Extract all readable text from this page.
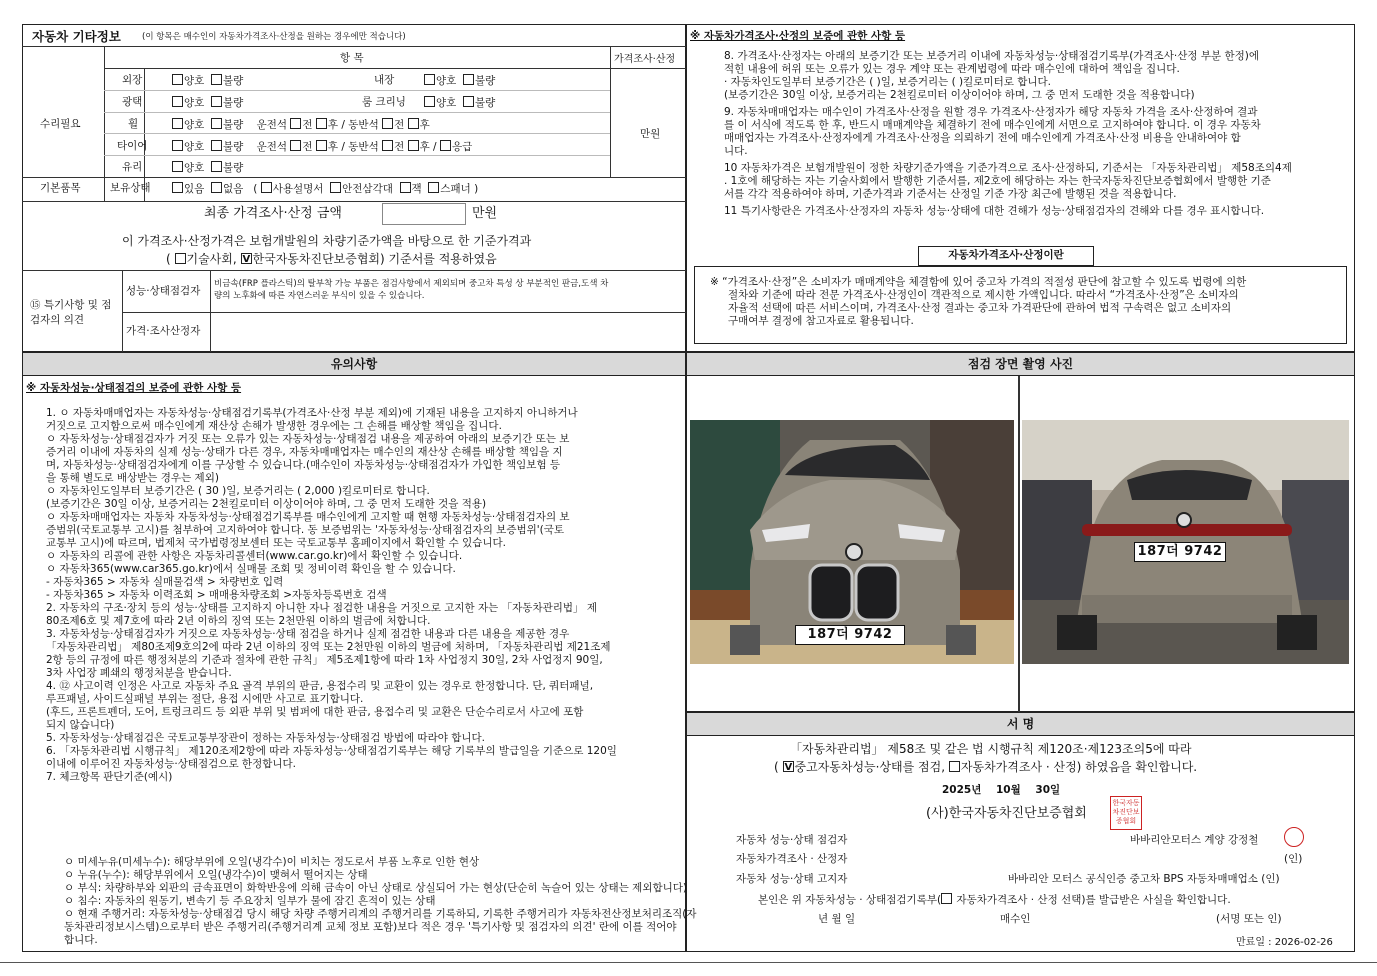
자동차 기타정보 (이 항목은 매수인이 자동차가격조사·산정을 원하는 경우에만 적습니다)
항 목	가격조사·산정
수리필요
만원
외장	양호 불량	내장	양호 불량
광택	양호 불량	룸 크리닝	양호 불량
휠	양호 불량 운전석 전 후 / 동반석 전 후
타이어	양호 불량 운전석 전 후 / 동반석 전 후 / 응급
유리	양호 불량
기본품목	보유상태	있음 없음   ( 사용설명서 안전삼각대 잭 스패너 )
최종 가격조사·산정 금액	만원
이 가격조사·산정가격은 보험개발원의 차량기준가액을 바탕으로 한 기준가격과
( 기술사회, V 한국자동차진단보증협회) 기준서를 적용하였음
⑮ 특기사항 및 점검자의 의견
성능·상태점검자
비금속(FRP 플라스틱)의 탈부착 가능 부품은 점검사항에서 제외되며 중고차 특성 상 부분적인 판금,도색 차
량의 노후화에 따른 자연스러운 부식이 있을 수 있습니다.
가격·조사산정자
※ 자동차가격조사·산정의 보증에 관한 사항 등
8. 가격조사·산정자는 아래의 보증기간 또는 보증거리 이내에 자동차성능·상태점검기록부(가격조사·산정 부분 한정)에
적힌 내용에 허위 또는 오류가 있는 경우 계약 또는 관계법령에 따라 매수인에 대하여 책임을 집니다.
· 자동차인도일부터 보증기간은 ( )일, 보증거리는 ( )킬로미터로 합니다.
(보증기간은 30일 이상, 보증거리는 2천킬로미터 이상이어야 하며, 그 중 먼저 도래한 것을 적용합니다)
9. 자동차매매업자는 매수인이 가격조사·산정을 원할 경우 가격조사·산정자가 해당 자동차 가격을 조사·산정하여 결과
를 이 서식에 적도록 한 후, 반드시 매매계약을 체결하기 전에 매수인에게 서면으로 고지하여야 합니다. 이 경우 자동차
매매업자는 가격조사·산정자에게 가격조사·산정을 의뢰하기 전에 매수인에게 가격조사·산정 비용을 안내하여야 합
니다.
10 자동차가격은 보험개발원이 정한 차량기준가액을 기준가격으로 조사·산정하되, 기준서는 「자동차관리법」 제58조의4제
. 1호에 해당하는 자는 기술사회에서 발행한 기준서를, 제2호에 해당하는 자는 한국자동차진단보증협회에서 발행한 기준
서를 각각 적용하여야 하며, 기준가격과 기준서는 산정일 기준 가장 최근에 발행된 것을 적용합니다.
11 특기사항란은 가격조사·산정자의 자동차 성능·상태에 대한 견해가 성능·상태점검자의 견해와 다를 경우 표시합니다.
자동차가격조사·산정이란
※ “가격조사·산정”은 소비자가 매매계약을 체결함에 있어 중고차 가격의 적절성 판단에 참고할 수 있도록 법령에 의한
절차와 기준에 따라 전문 가격조사·산정인이 객관적으로 제시한 가액입니다. 따라서 “가격조사·산정”은 소비자의
자율적 선택에 따른 서비스이며, 가격조사·산정 결과는 중고차 가격판단에 관하여 법적 구속력은 없고 소비자의
구매여부 결정에 참고자료로 활용됩니다.
유의사항
※ 자동차성능·상태점검의 보증에 관한 사항 등
1. ㅇ 자동차매매업자는 자동차성능·상태점검기록부(가격조사·산정 부분 제외)에 기재된 내용을 고지하지 아니하거나
거짓으로 고지함으로써 매수인에게 재산상 손해가 발생한 경우에는 그 손해를 배상할 책임을 집니다.
ㅇ 자동차성능·상태점검자가 거짓 또는 오류가 있는 자동차성능·상태점검 내용을 제공하여 아래의 보증기간 또는 보
증거리 이내에 자동차의 실제 성능·상태가 다른 경우, 자동차매매업자는 매수인의 재산상 손해를 배상할 책임을 지
며, 자동차성능·상태점검자에게 이를 구상할 수 있습니다.(매수인이 자동차성능·상태점검자가 가입한 책임보험 등
을 통해 별도로 배상받는 경우는 제외)
ㅇ 자동차인도일부터 보증기간은 ( 30 )일, 보증거리는 ( 2,000 )킬로미터로 합니다.
(보증기간은 30일 이상, 보증거리는 2천킬로미터 이상이어야 하며, 그 중 먼저 도래한 것을 적용)
ㅇ 자동차매매업자는 자동차 자동차성능·상태점검기록부를 매수인에게 고지할 때 현행 자동차성능·상태점검자의 보
증범위(국토교통부 고시)를 첨부하여 고지하여야 합니다. 동 보증범위는 '자동차성능·상태점검자의 보증범위'(국토
교통부 고시)에 따르며, 법제처 국가법령정보센터 또는 국토교통부 홈페이지에서 확인할 수 있습니다.
ㅇ 자동차의 리콜에 관한 사항은 자동차리콜센터(www.car.go.kr)에서 확인할 수 있습니다.
ㅇ 자동차365(www.car365.go.kr)에서 실매물 조회 및 정비이력 확인을 할 수 있습니다.
- 자동차365 > 자동차 실매물검색 > 차량번호 입력
- 자동차365 > 자동차 이력조회 > 매매용차량조회 >자동차등록번호 검색
2. 자동차의 구조·장치 등의 성능·상태를 고지하지 아니한 자나 점검한 내용을 거짓으로 고지한 자는 「자동차관리법」 제
80조제6호 및 제7호에 따라 2년 이하의 징역 또는 2천만원 이하의 벌금에 처합니다.
3. 자동차성능·상태점검자가 거짓으로 자동차성능·상태 점검을 하거나 실제 점검한 내용과 다른 내용을 제공한 경우
「자동차관리법」 제80조제9호의2에 따라 2년 이하의 징역 또는 2천만원 이하의 벌금에 처하며, 「자동차관리법 제21조제
2항 등의 규정에 따른 행정처분의 기준과 절차에 관한 규칙」 제5조제1항에 따라 1차 사업정지 30일, 2차 사업정지 90일,
3차 사업장 폐쇄의 행정처분을 받습니다.
4. ⑫ 사고이력 인정은 사고로 자동차 주요 골격 부위의 판금, 용접수리 및 교환이 있는 경우로 한정합니다. 단, 쿼터패널,
루프패널, 사이드실패널 부위는 절단, 용접 시에만 사고로 표기합니다.
(후드, 프론트펜더, 도어, 트렁크리드 등 외판 부위 및 범퍼에 대한 판금, 용접수리 및 교환은 단순수리로서 사고에 포함
되지 않습니다)
5. 자동차성능·상태점검은 국토교통부장관이 정하는 자동차성능·상태점검 방법에 따라야 합니다.
6. 「자동차관리법 시행규칙」 제120조제2항에 따라 자동차성능·상태점검기록부는 해당 기록부의 발급일을 기준으로 120일
이내에 이루어진 자동차성능·상태점검으로 한정합니다.
7. 체크항목 판단기준(예시)
ㅇ 미세누유(미세누수): 해당부위에 오일(냉각수)이 비치는 정도로서 부품 노후로 인한 현상
ㅇ 누유(누수): 해당부위에서 오일(냉각수)이 맺혀서 떨어지는 상태
ㅇ 부식: 차량하부와 외판의 금속표면이 화학반응에 의해 금속이 아닌 상태로 상실되어 가는 현상(단순히 녹슬어 있는 상태는 제외합니다)
ㅇ 침수: 자동차의 원동기, 변속기 등 주요장치 일부가 물에 잠긴 흔적이 있는 상태
ㅇ 현재 주행거리: 자동차성능·상태점검 당시 해당 차량 주행거리계의 주행거리를 기록하되, 기록한 주행거리가 자동차전산정보처리조직(자
동차관리정보시스템)으로부터 받은 주행거리(주행거리계 교체 정보 포함)보다 적은 경우 '특기사항 및 점검자의 의견' 란에 이를 적어야
합니다.
점검 장면 촬영 사진
187더 9742
187더 9742
서 명
「자동차관리법」 제58조 및 같은 법 시행규칙 제120조·제123조의5에 따라
( V중고자동차성능·상태를 점검, 자동차가격조사 · 산정) 하였음을 확인합니다.
2025년 10월 30일
(사)한국자동차진단보증협회
한국자동차진단보증협회
자동차 성능·상태 점검자	바바리안모터스 계양 강정철
자동차가격조사 · 산정자	(인)
자동차 성능·상태 고지자	바바리안 모터스 공식인증 중고차 BPS 자동차매매업소 (인)
본인은 위 자동차성능 · 상태점검기록부( 자동차가격조사 · 산정 선택)를 발급받은 사실을 확인합니다.
년 월 일	매수인	(서명 또는 인)
만료일 : 2026-02-26
